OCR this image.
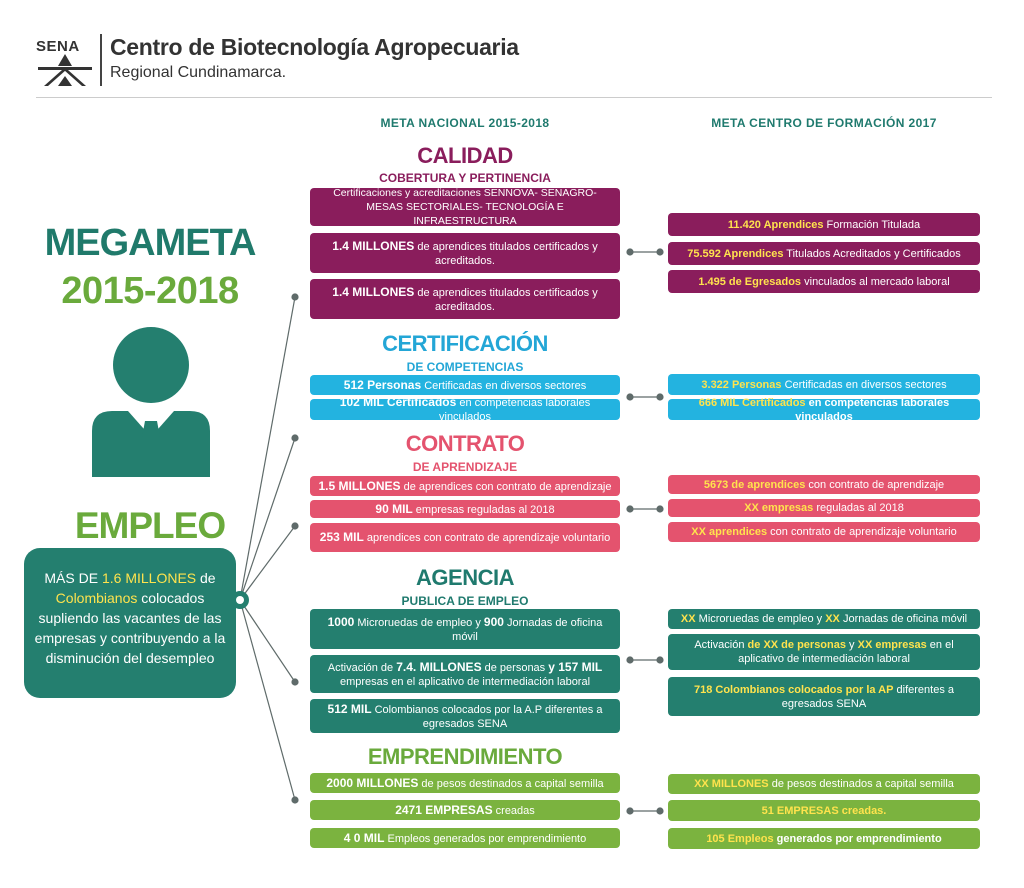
SENA Centro de Biotecnología Agropecuaria
Regional Cundinamarca.
META NACIONAL 2015-2018	META CENTRO DE FORMACIÓN 2017
MEGAMETA
2015-2018
EMPLEO
MÁS DE 1.6 MILLONES de
Colombianos colocados supliendo las vacantes de las empresas y contribuyendo a la disminución del desempleo
CALIDAD
COBERTURA Y PERTINENCIA
Certificaciones y acreditaciones SENNOVA- SENAGRO-MESAS SECTORIALES- TECNOLOGÍA E INFRAESTRUCTURA
1.4 MILLONES de aprendices titulados certificados y acreditados.
1.4 MILLONES de aprendices titulados certificados y acreditados.
11.420 Aprendices Formación Titulada
75.592 Aprendices Titulados Acreditados y Certificados
1.495 de Egresados vinculados al mercado laboral
CERTIFICACIÓN
DE COMPETENCIAS
512 Personas Certificadas en diversos sectores
102 MIL Certificados en competencias laborales vinculados
3.322 Personas Certificadas en diversos sectores
666 MIL Certificados en competencias laborales vinculados
CONTRATO
DE APRENDIZAJE
1.5 MILLONES de aprendices con contrato de aprendizaje
90 MIL empresas reguladas al 2018
253 MIL aprendices con contrato de aprendizaje voluntario
5673 de aprendices con contrato de aprendizaje
XX empresas reguladas al 2018
XX aprendices con contrato de aprendizaje voluntario
AGENCIA
PUBLICA DE EMPLEO
1000 Microruedas de empleo y 900 Jornadas de oficina móvil
Activación de 7.4. MILLONES de personas y 157 MIL empresas en el aplicativo de intermediación laboral
512 MIL Colombianos colocados por la A.P diferentes a egresados SENA
XX Microruedas de empleo y XX Jornadas de oficina móvil
Activación de XX de personas y XX empresas en el aplicativo de intermediación laboral
718 Colombianos colocados por la AP diferentes a egresados SENA
EMPRENDIMIENTO
2000 MILLONES de pesos destinados a capital semilla
2471 EMPRESAS creadas
4 0 MIL Empleos generados por emprendimiento
XX MILLONES de pesos destinados a capital semilla
51 EMPRESAS creadas.
105 Empleos generados por emprendimiento
